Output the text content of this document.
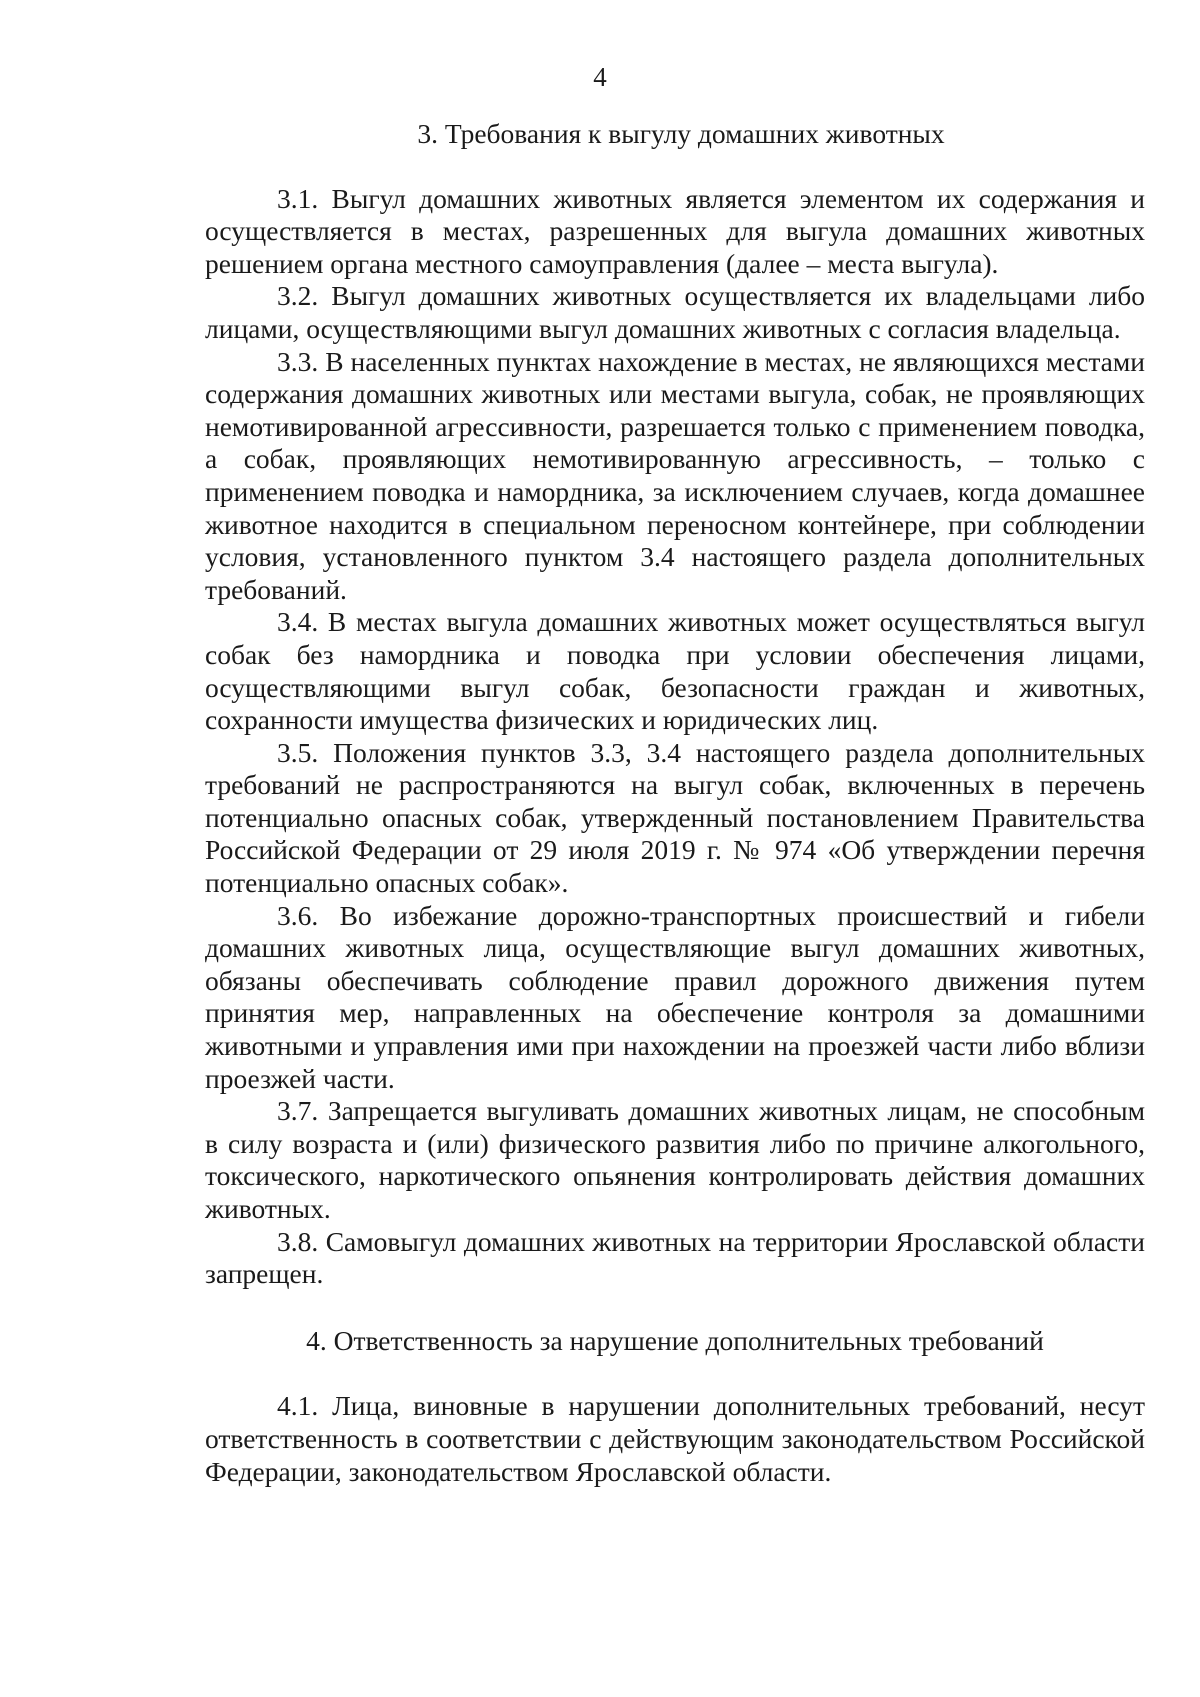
4
3. Требования к выгулу домашних животных

3.1. Выгул домашних животных является элементом их содержания и осуществляется в местах, разрешенных для выгула домашних животных решением органа местного самоуправления (далее – места выгула).

3.2. Выгул домашних животных осуществляется их владельцами либо лицами, осуществляющими выгул домашних животных с согласия владельца.

3.3. В населенных пунктах нахождение в местах, не являющихся местами содержания домашних животных или местами выгула, собак, не проявляющих немотивированной агрессивности, разрешается только с применением поводка, а собак, проявляющих немотивированную агрессивность, – только с применением поводка и намордника, за исключением случаев, когда домашнее животное находится в специальном переносном контейнере, при соблюдении условия, установленного пунктом 3.4 настоящего раздела дополнительных требований.

3.4. В местах выгула домашних животных может осуществляться выгул собак без намордника и поводка при условии обеспечения лицами, осуществляющими выгул собак, безопасности граждан и животных, сохранности имущества физических и юридических лиц.

3.5. Положения пунктов 3.3, 3.4 настоящего раздела дополнительных требований не распространяются на выгул собак, включенных в перечень потенциально опасных собак, утвержденный постановлением Правительства Российской Федерации от 29 июля 2019 г. № 974 «Об утверждении перечня потенциально опасных собак».

3.6. Во избежание дорожно-транспортных происшествий и гибели домашних животных лица, осуществляющие выгул домашних животных, обязаны обеспечивать соблюдение правил дорожного движения путем принятия мер, направленных на обеспечение контроля за домашними животными и управления ими при нахождении на проезжей части либо вблизи проезжей части.

3.7. Запрещается выгуливать домашних животных лицам, не способным в силу возраста и (или) физического развития либо по причине алкогольного, токсического, наркотического опьянения контролировать действия домашних животных.

3.8. Самовыгул домашних животных на территории Ярославской области запрещен.

4. Ответственность за нарушение дополнительных требований

4.1. Лица, виновные в нарушении дополнительных требований, несут ответственность в соответствии с действующим законодательством Российской Федерации, законодательством Ярославской области.
